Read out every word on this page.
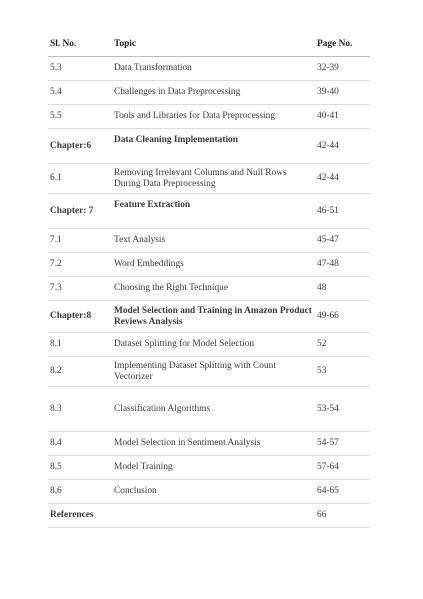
Sl. No.	Topic	Page No.
5.3	Data Transformation	32-39
5.4	Challenges in Data Preprocessing	39-40
5.5	Tools and Libraries for Data Preprocessing	40-41
Chapter:6	Data Cleaning Implementation	42-44
6.1	Removing Irrelevant Columns and Null Rows During Data Preprocessing	42-44
Chapter: 7	Feature Extraction	46-51
7.1	Text Analysis	45-47
7.2	Word Embeddings	47-48
7.3	Choosing the Right Technique	48
Chapter:8	Model Selection and Training in Amazon Product Reviews Analysis	49-66
8.1	Dataset Splitting for Model Selection	52
8.2	Implementing Dataset Splitting with Count Vectorizer	53
8.3	Classification Algorithms	53-54
8.4	Model Selection in Sentiment Analysis	54-57
8.5	Model Training	57-64
8.6	Conclusion	64-65
References		66
